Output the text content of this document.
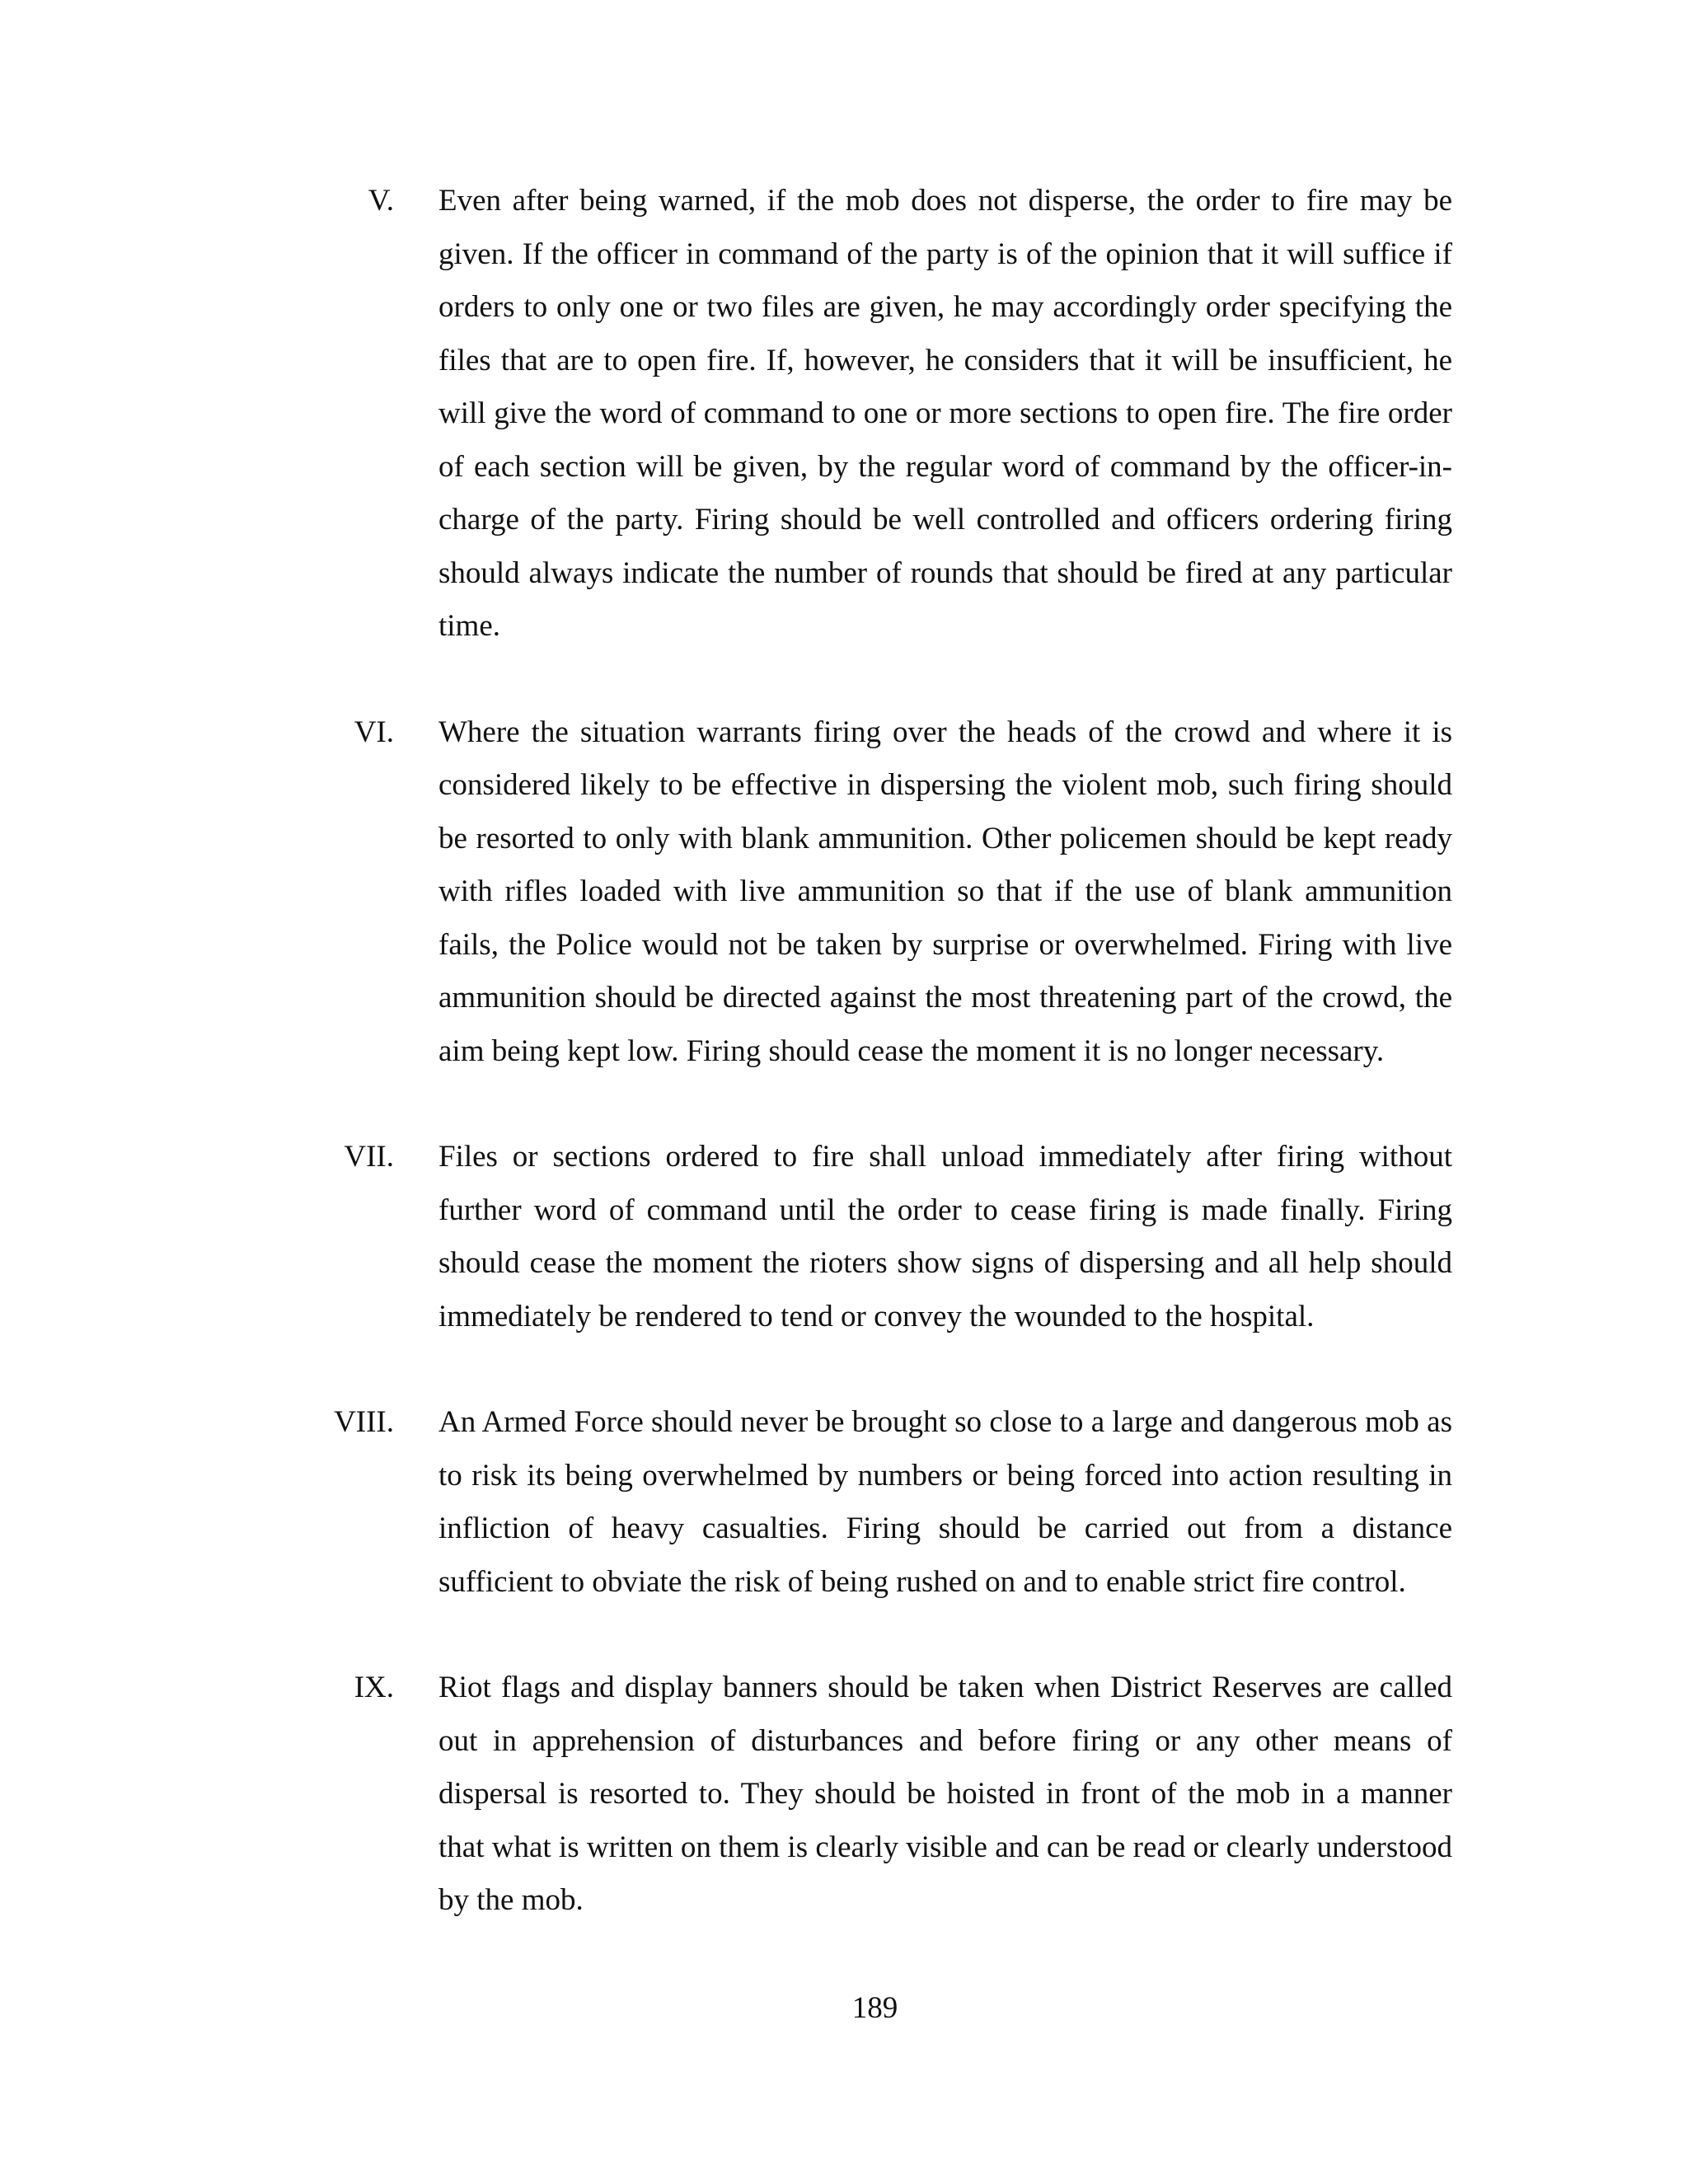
V. Even after being warned, if the mob does not disperse, the order to fire may be given. If the officer in command of the party is of the opinion that it will suffice if orders to only one or two files are given, he may accordingly order specifying the files that are to open fire. If, however, he considers that it will be insufficient, he will give the word of command to one or more sections to open fire. The fire order of each section will be given, by the regular word of command by the officer-in-charge of the party. Firing should be well controlled and officers ordering firing should always indicate the number of rounds that should be fired at any particular time.
VI. Where the situation warrants firing over the heads of the crowd and where it is considered likely to be effective in dispersing the violent mob, such firing should be resorted to only with blank ammunition. Other policemen should be kept ready with rifles loaded with live ammunition so that if the use of blank ammunition fails, the Police would not be taken by surprise or overwhelmed. Firing with live ammunition should be directed against the most threatening part of the crowd, the aim being kept low. Firing should cease the moment it is no longer necessary.
VII. Files or sections ordered to fire shall unload immediately after firing without further word of command until the order to cease firing is made finally. Firing should cease the moment the rioters show signs of dispersing and all help should immediately be rendered to tend or convey the wounded to the hospital.
VIII. An Armed Force should never be brought so close to a large and dangerous mob as to risk its being overwhelmed by numbers or being forced into action resulting in infliction of heavy casualties. Firing should be carried out from a distance sufficient to obviate the risk of being rushed on and to enable strict fire control.
IX. Riot flags and display banners should be taken when District Reserves are called out in apprehension of disturbances and before firing or any other means of dispersal is resorted to. They should be hoisted in front of the mob in a manner that what is written on them is clearly visible and can be read or clearly understood by the mob.
189
